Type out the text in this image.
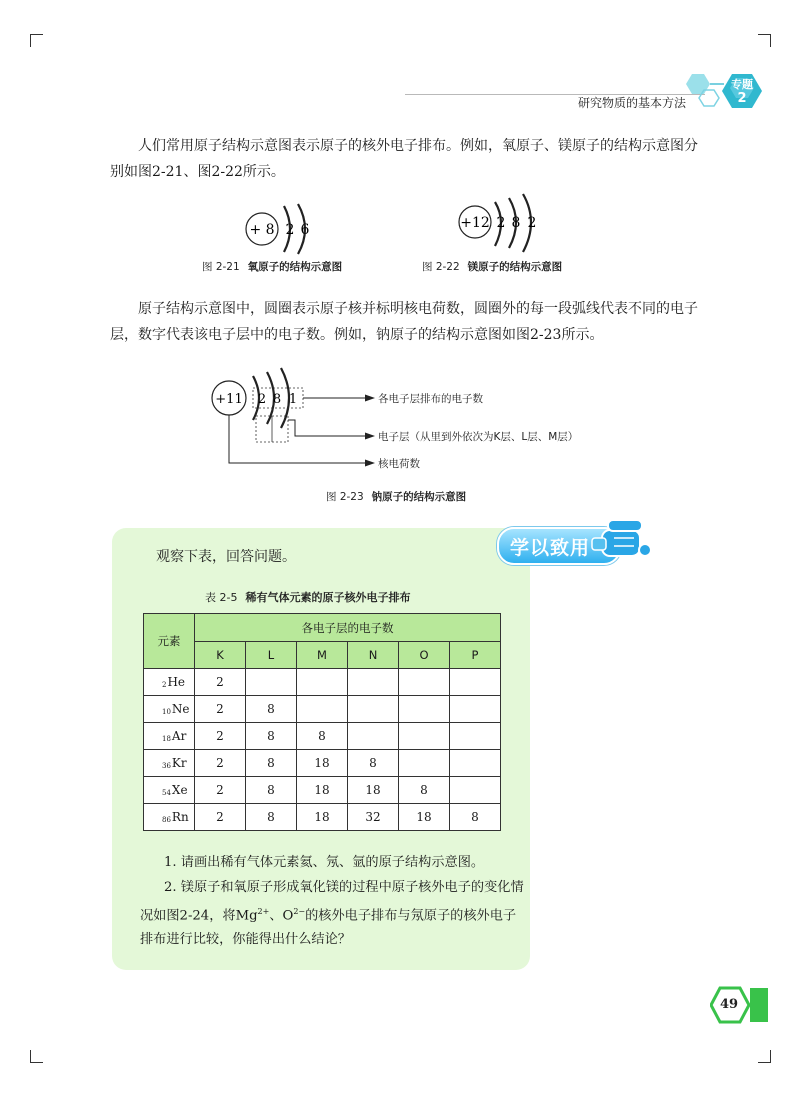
研究物质的基本方法
专题
2

人们常用原子结构示意图表示原子的核外电子排布。例如，氧原子、镁原子的结构示意图分别如图2-21、图2-22所示。

+ 8 2 6
图 2-21 氧原子的结构示意图
+12 2 8 2
图 2-22 镁原子的结构示意图

原子结构示意图中，圆圈表示原子核并标明核电荷数，圆圈外的每一段弧线代表不同的电子层，数字代表该电子层中的电子数。例如，钠原子的结构示意图如图2-23所示。

+11 2 8 1	各电子层排布的电子数
电子层（从里到外依次为K层、L层、M层）
核电荷数
图 2-23 钠原子的结构示意图
学以致用
观察下表，回答问题。
表 2-5 稀有气体元素的原子核外电子排布
元素	各电子层的电子数					
	K	L	M	N	O	P
2He	2					
10Ne	2	8				
18Ar	2	8	8			
36Kr	2	8	18	8		
54Xe	2	8	18	18	8	
86Rn	2	8	18	32	18	8

1. 请画出稀有气体元素氦、氖、氩的原子结构示意图。

2. 镁原子和氧原子形成氧化镁的过程中原子核外电子的变化情况如图2-24，将$Mg^{2+}$、$O^{2-}$的核外电子排布与氖原子的核外电子排布进行比较，你能得出什么结论？

49
